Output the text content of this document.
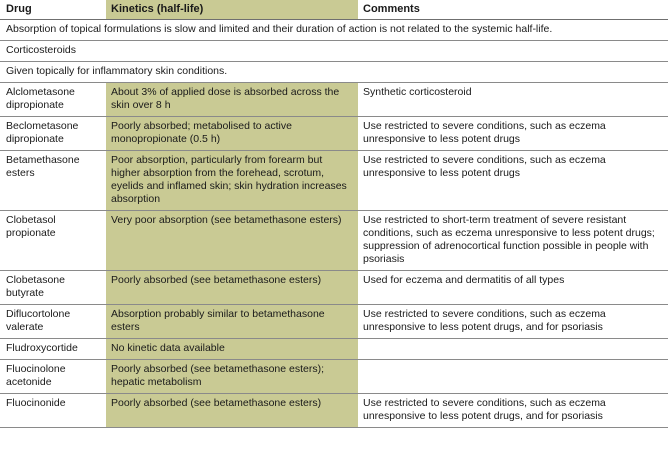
Drug	Kinetics (half-life)	Comments
Absorption of topical formulations is slow and limited and their duration of action is not related to the systemic half-life.		
Corticosteroids		
Given topically for inflammatory skin conditions.		
Alclometasone dipropionate	About 3% of applied dose is absorbed across the skin over 8 h	Synthetic corticosteroid
Beclometasone dipropionate	Poorly absorbed; metabolised to active monopropionate (0.5 h)	Use restricted to severe conditions, such as eczema unresponsive to less potent drugs
Betamethasone esters	Poor absorption, particularly from forearm but higher absorption from the forehead, scrotum, eyelids and inflamed skin; skin hydration increases absorption	Use restricted to severe conditions, such as eczema unresponsive to less potent drugs
Clobetasol propionate	Very poor absorption (see betamethasone esters)	Use restricted to short-term treatment of severe resistant conditions, such as eczema unresponsive to less potent drugs; suppression of adrenocortical function possible in people with psoriasis
Clobetasone butyrate	Poorly absorbed (see betamethasone esters)	Used for eczema and dermatitis of all types
Diflucortolone valerate	Absorption probably similar to betamethasone esters	Use restricted to severe conditions, such as eczema unresponsive to less potent drugs, and for psoriasis
Fludroxycortide	No kinetic data available	
Fluocinolone acetonide	Poorly absorbed (see betamethasone esters); hepatic metabolism	
Fluocinonide	Poorly absorbed (see betamethasone esters)	Use restricted to severe conditions, such as eczema unresponsive to less potent drugs, and for psoriasis
